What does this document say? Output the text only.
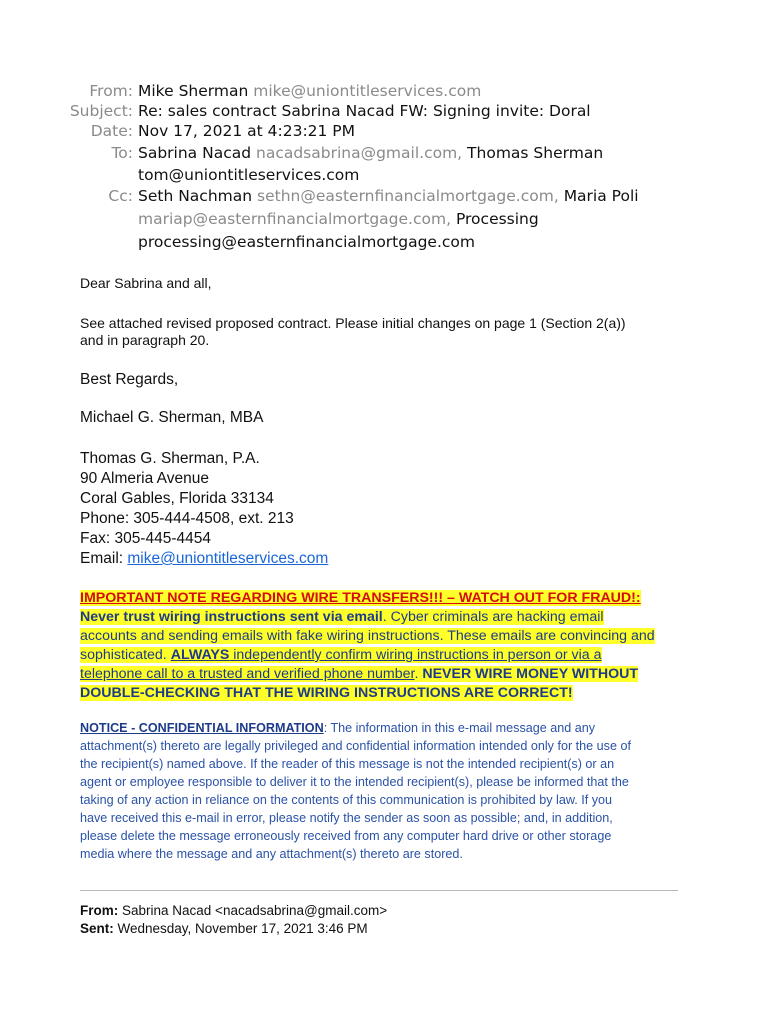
From: Mike Sherman mike@uniontitleservices.com
Subject: Re: sales contract Sabrina Nacad FW: Signing invite: Doral
Date: Nov 17, 2021 at 4:23:21 PM
To: Sabrina Nacad nacadsabrina@gmail.com, Thomas Sherman
tom@uniontitleservices.com
Cc: Seth Nachman sethn@easternfinancialmortgage.com, Maria Poli
mariap@easternfinancialmortgage.com, Processing
processing@easternfinancialmortgage.com
Dear Sabrina and all,
See attached revised proposed contract. Please initial changes on page 1 (Section 2(a))
and in paragraph 20.
Best Regards,
Michael G. Sherman, MBA
Thomas G. Sherman, P.A.
90 Almeria Avenue
Coral Gables, Florida 33134
Phone: 305-444-4508, ext. 213
Fax: 305-445-4454
Email: mike@uniontitleservices.com
IMPORTANT NOTE REGARDING WIRE TRANSFERS!!! – WATCH OUT FOR FRAUD!:
Never trust wiring instructions sent via email. Cyber criminals are hacking email
accounts and sending emails with fake wiring instructions. These emails are convincing and
sophisticated. ALWAYS independently confirm wiring instructions in person or via a
telephone call to a trusted and verified phone number. NEVER WIRE MONEY WITHOUT
DOUBLE-CHECKING THAT THE WIRING INSTRUCTIONS ARE CORRECT!
NOTICE - CONFIDENTIAL INFORMATION: The information in this e-mail message and any
attachment(s) thereto are legally privileged and confidential information intended only for the use of
the recipient(s) named above. If the reader of this message is not the intended recipient(s) or an
agent or employee responsible to deliver it to the intended recipient(s), please be informed that the
taking of any action in reliance on the contents of this communication is prohibited by law. If you
have received this e-mail in error, please notify the sender as soon as possible; and, in addition,
please delete the message erroneously received from any computer hard drive or other storage
media where the message and any attachment(s) thereto are stored.
From: Sabrina Nacad <nacadsabrina@gmail.com>
Sent: Wednesday, November 17, 2021 3:46 PM
